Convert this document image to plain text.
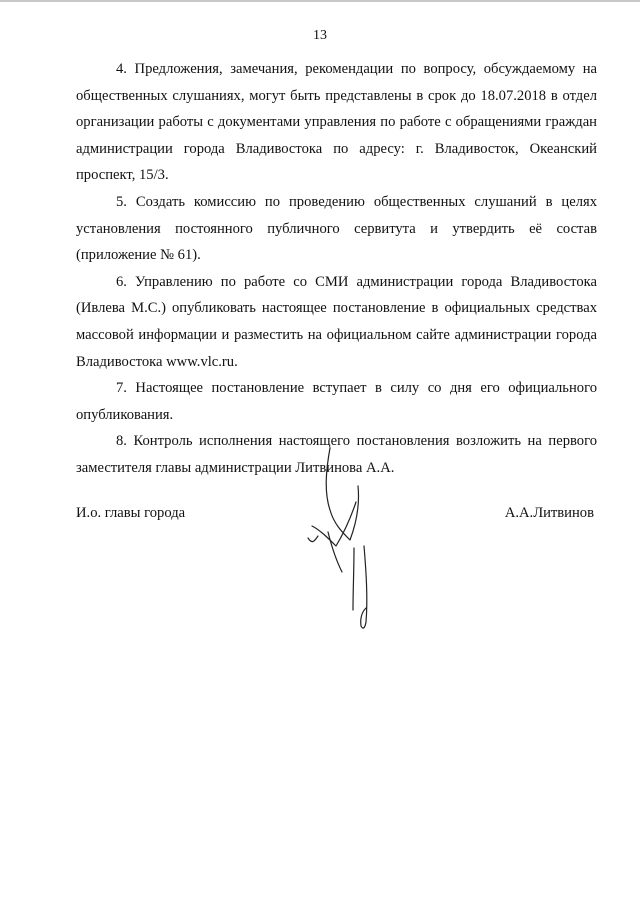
13

4. Предложения, замечания, рекомендации по вопросу, обсуждаемому на общественных слушаниях, могут быть представлены в срок до 18.07.2018 в отдел организации работы с документами управления по работе с обращениями граждан администрации города Владивостока по адресу: г. Владивосток, Океанский проспект, 15/3.

5. Создать комиссию по проведению общественных слушаний в целях установления постоянного публичного сервитута и утвердить её состав (приложение № 61).

6. Управлению по работе со СМИ администрации города Владивостока (Ивлева М.С.) опубликовать настоящее постановление в официальных средствах массовой информации и разместить на официальном сайте администрации города Владивостока www.vlc.ru.

7. Настоящее постановление вступает в силу со дня его официального опубликования.

8. Контроль исполнения настоящего постановления возложить на первого заместителя главы администрации Литвинова А.А.

И.о. главы города	А.А.Литвинов
